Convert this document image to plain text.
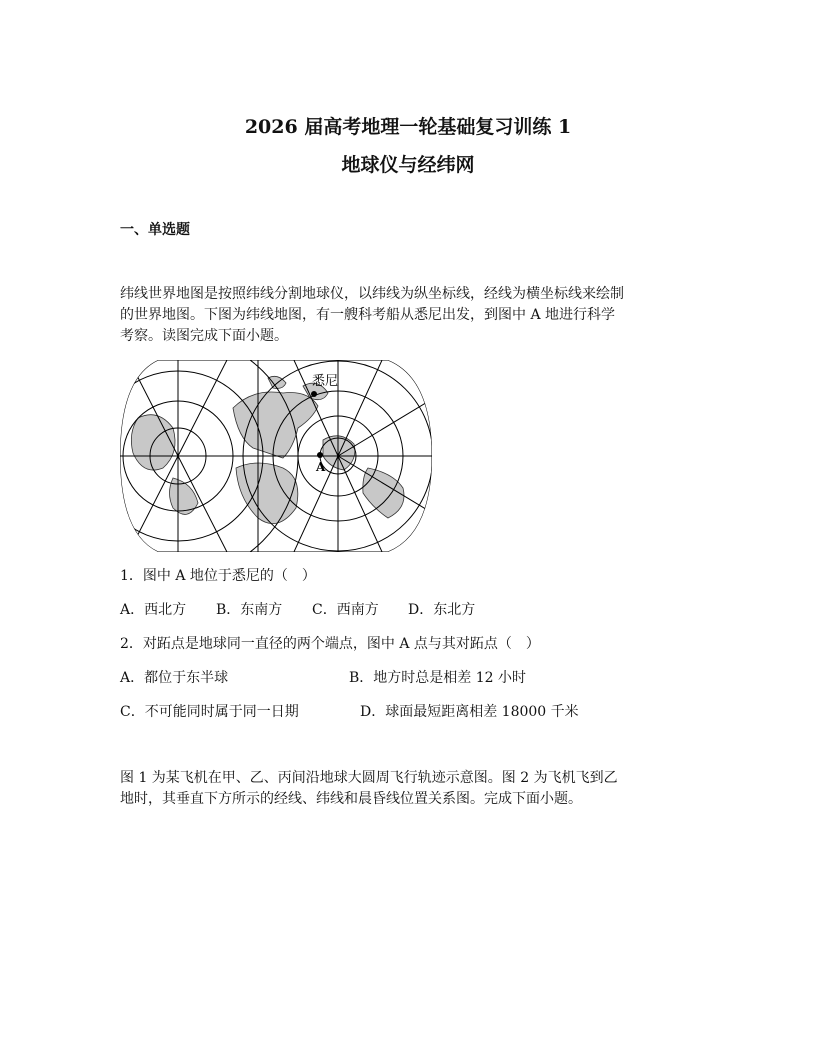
2026 届高考地理一轮基础复习训练 1
地球仪与经纬网
一、单选题
纬线世界地图是按照纬线分割地球仪，以纬线为纵坐标线，经线为横坐标线来绘制
的世界地图。下图为纬线地图，有一艘科考船从悉尼出发，到图中 A 地进行科学
考察。读图完成下面小题。
悉尼
A
1．图中 A 地位于悉尼的（　）
A．西北方 B．东南方 C．西南方 D．东北方
2．对跖点是地球同一直径的两个端点，图中 A 点与其对跖点（　）
A．都位于东半球	B．地方时总是相差 12 小时
C．不可能同时属于同一日期	D．球面最短距离相差 18000 千米
图 1 为某飞机在甲、乙、丙间沿地球大圆周飞行轨迹示意图。图 2 为飞机飞到乙
地时，其垂直下方所示的经线、纬线和晨昏线位置关系图。完成下面小题。
